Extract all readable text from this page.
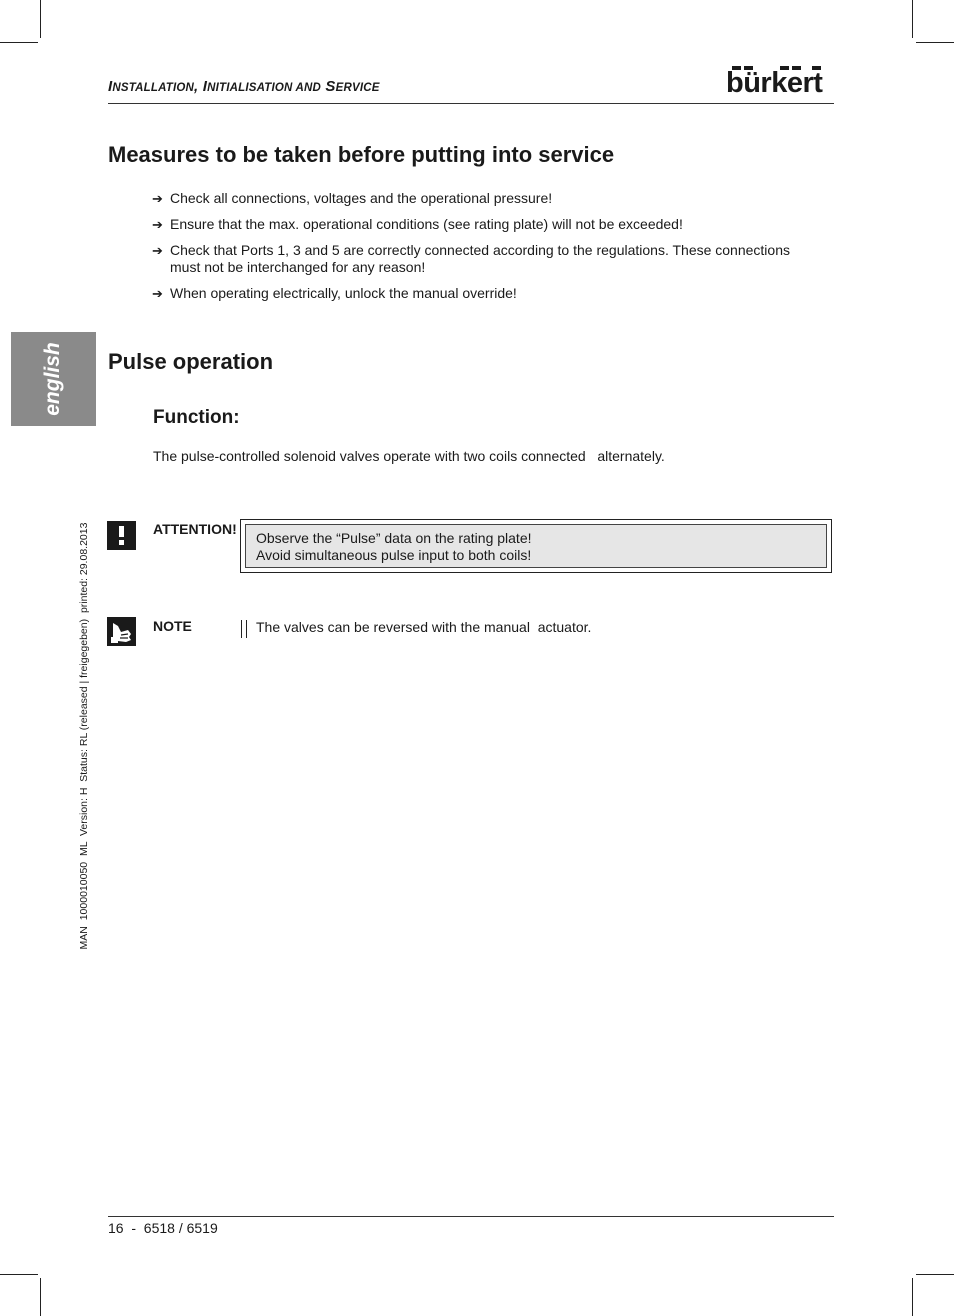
INSTALLATION, INITIALISATION AND SERVICE	bürkert
Measures to be taken before putting into service
➔ Check all connections, voltages and the operational pressure!
➔ Ensure that the max. operational conditions (see rating plate) will not be exceeded!
➔ Check that Ports 1, 3 and 5 are correctly connected according to the regulations. These connections must not be interchanged for any reason!
➔ When operating electrically, unlock the manual override!
english Pulse operation
Function:
The pulse-controlled solenoid valves operate with two coils connected   alternately.
MAN  1000010050  ML  Version: H  Status: RL (released | freigegeben)  printed: 29.08.2013	ATTENTION!
Observe the “Pulse” data on the rating plate!
Avoid simultaneous pulse input to both coils!
NOTE	The valves can be reversed with the manual  actuator.
16  -  6518 / 6519
